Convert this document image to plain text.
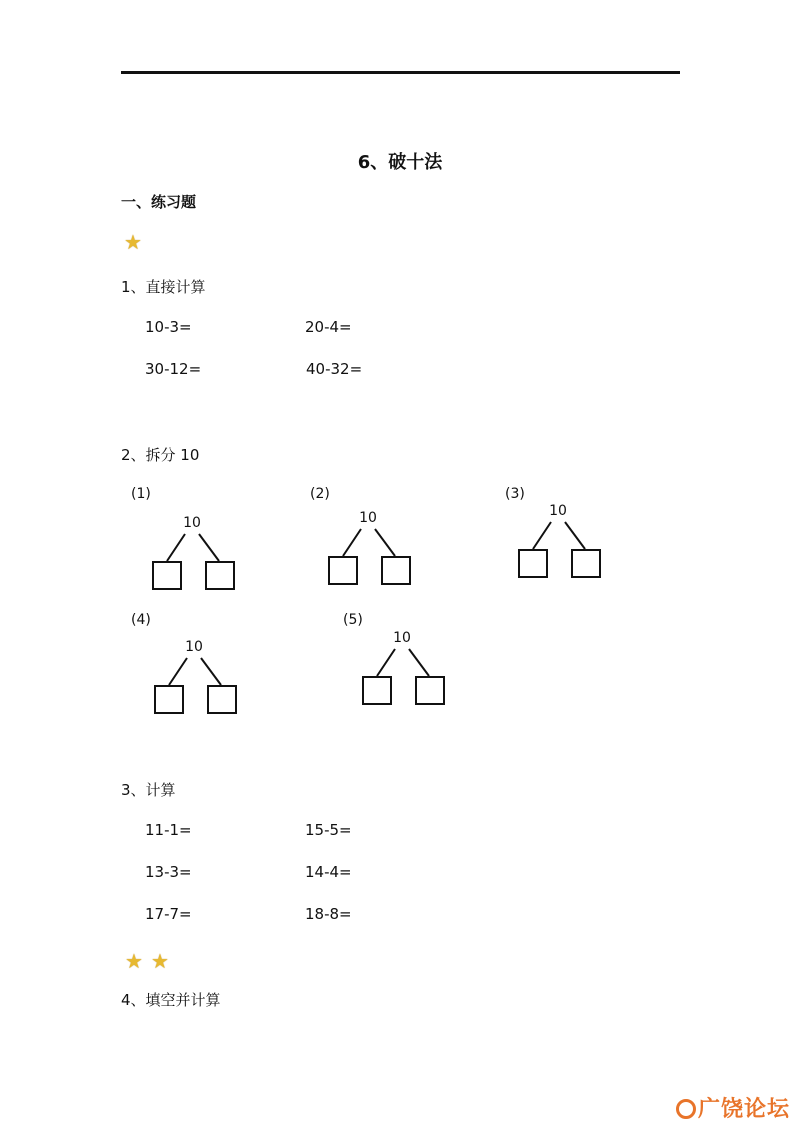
6、破十法
一、练习题
★
1、直接计算
10-3=	20-4=
30-12=	40-32=
2、拆分 10
(1)
10
(2)
10
(3)
10
(4)
10
(5)
10
3、计算
11-1=	15-5=
13-3=	14-4=
17-7=	18-8=
★ ★
4、填空并计算
广饶论坛
